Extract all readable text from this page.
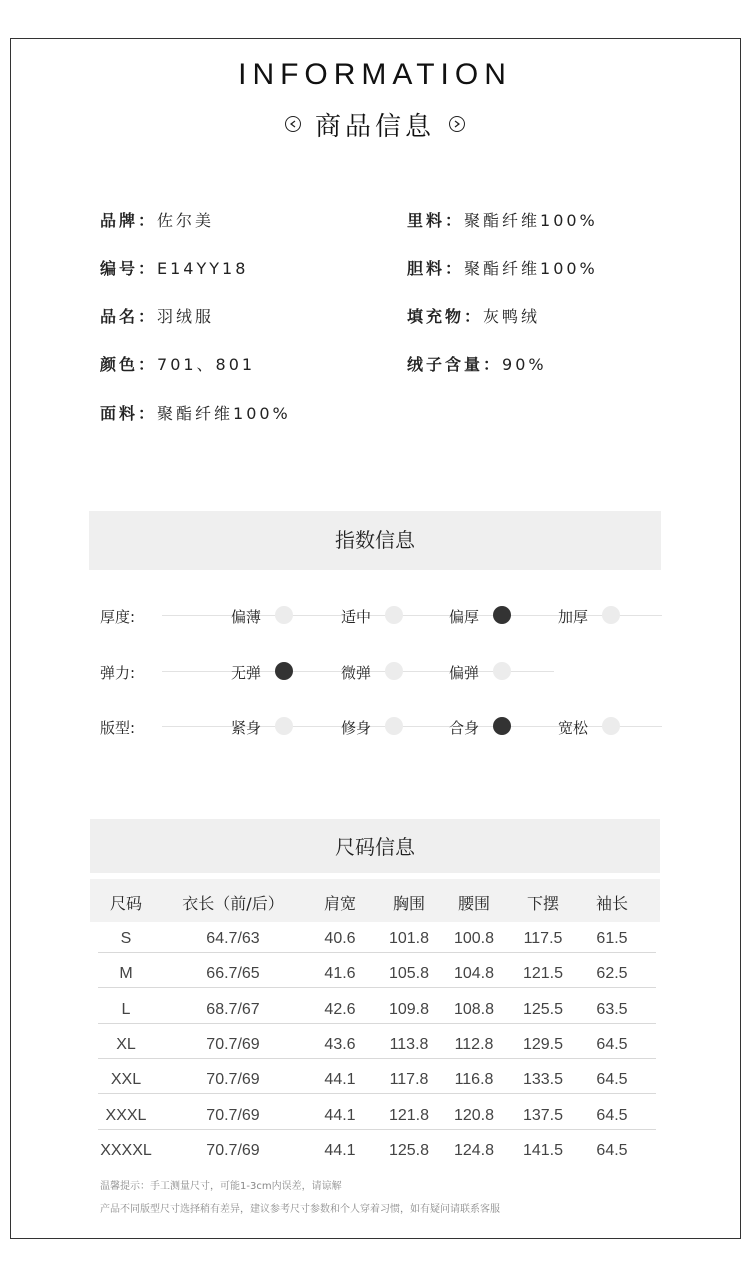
INFORMATION
商品信息
品牌：佐尔美
编号：E14YY18
品名：羽绒服
颜色：701、801
面料：聚酯纤维100%
里料：聚酯纤维100%
胆料：聚酯纤维100%
填充物：灰鸭绒
绒子含量：90%
指数信息
厚度:	偏薄	适中	偏厚	加厚
弹力:	无弹	微弹	偏弹
版型:	紧身	修身	合身	宽松
尺码信息
尺码	衣长（前/后）	肩宽	胸围	腰围	下摆	袖长
S	64.7/63	40.6	101.8	100.8	117.5	61.5
M	66.7/65	41.6	105.8	104.8	121.5	62.5
L	68.7/67	42.6	109.8	108.8	125.5	63.5
XL	70.7/69	43.6	113.8	112.8	129.5	64.5
XXL	70.7/69	44.1	117.8	116.8	133.5	64.5
XXXL	70.7/69	44.1	121.8	120.8	137.5	64.5
XXXXL	70.7/69	44.1	125.8	124.8	141.5	64.5
温馨提示：手工测量尺寸，可能1-3cm内误差，请谅解
产品不同版型尺寸选择稍有差异，建议参考尺寸参数和个人穿着习惯，如有疑问请联系客服
